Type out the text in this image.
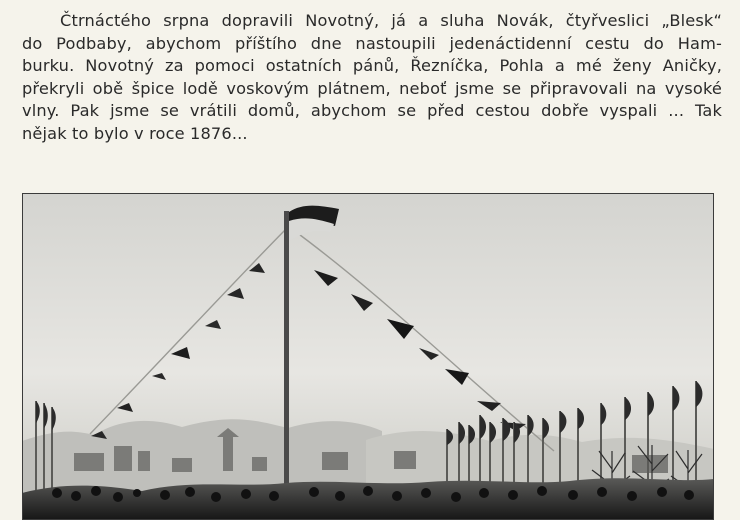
Čtrnáctého srpna dopravili Novotný, já a sluha Novák, čtyřveslici „Blesk“
do Podbaby, abychom příštího dne nastoupili jedenáctidenní cestu do Ham-
burku. Novotný za pomoci ostatních pánů, Řezníčka, Pohla a mé ženy Aničky,
překryli obě špice lodě voskovým plátnem, neboť jsme se připravovali na vysoké
vlny. Pak jsme se vrátili domů, abychom se před cestou dobře vyspali ... Tak
nějak to bylo v roce 1876...
